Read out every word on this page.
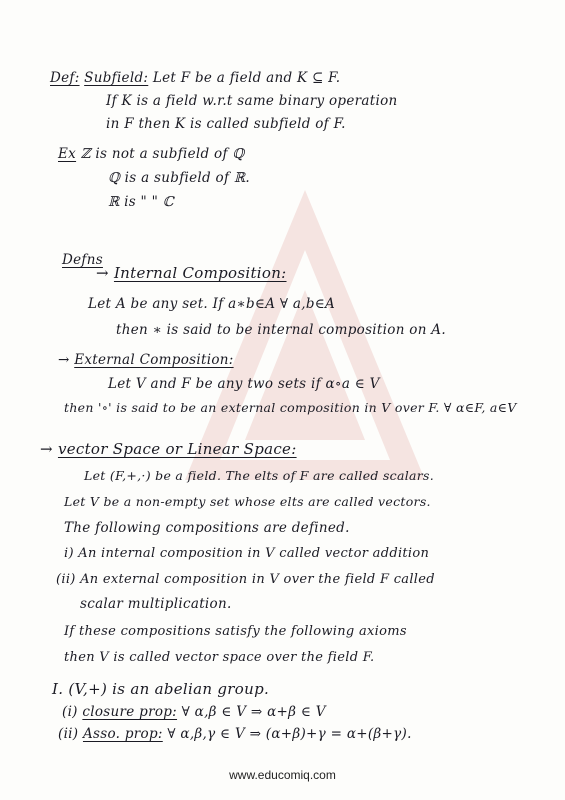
Def: Subfield: Let F be a field and K ⊆ F.
If K is a field w.r.t same binary operation
in F then K is called subfield of F.
Ex ℤ is not a subfield of ℚ
ℚ is a subfield of ℝ.
ℝ is " " ℂ
Defns
→ Internal Composition:
Let A be any set. If a∗b∈A ∀ a,b∈A
then ∗ is said to be internal composition on A.
→ External Composition:
Let V and F be any two sets if α∘a ∈ V
then '∘' is said to be an external composition in V over F. ∀ α∈F, a∈V
→ vector Space or Linear Space:
Let (F,+,·) be a field. The elts of F are called scalars.
Let V be a non-empty set whose elts are called vectors.
The following compositions are defined.
i) An internal composition in V called vector addition
(ii) An external composition in V over the field F called
scalar multiplication.
If these compositions satisfy the following axioms
then V is called vector space over the field F.
Ⅰ. (V,+) is an abelian group.
(i) closure prop: ∀ α,β ∈ V ⇒ α+β ∈ V
(ii) Asso. prop: ∀ α,β,γ ∈ V ⇒ (α+β)+γ = α+(β+γ).
www.educomiq.com
